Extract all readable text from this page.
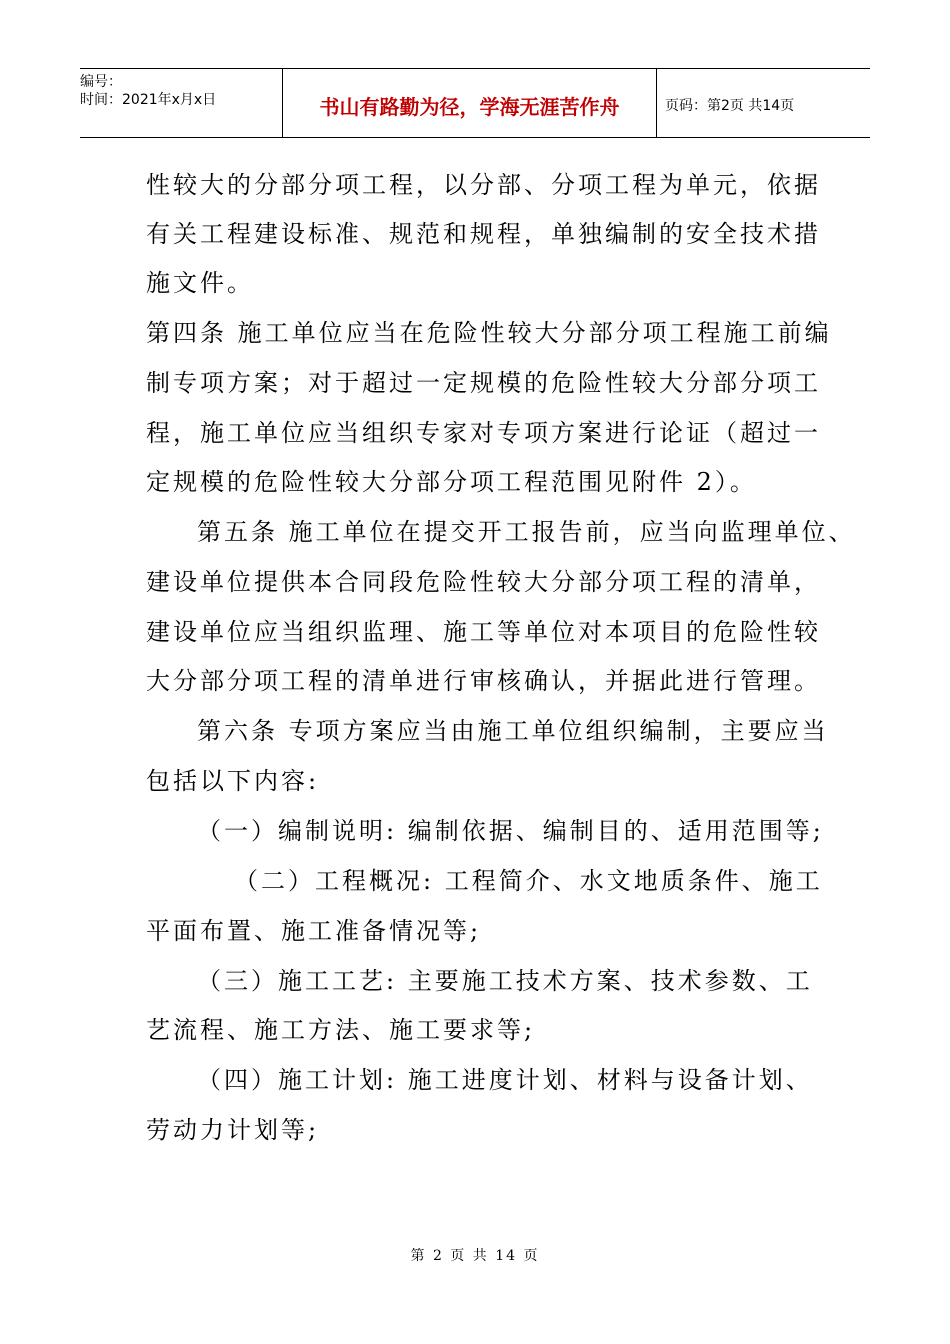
编号：
时间：2021年x月x日	书山有路勤为径，学海无涯苦作舟	页码：第2页 共14页
性较大的分部分项工程，以分部、分项工程为单元，依据
有关工程建设标准、规范和规程，单独编制的安全技术措
施文件。
第四条 施工单位应当在危险性较大分部分项工程施工前编
制专项方案；对于超过一定规模的危险性较大分部分项工
程，施工单位应当组织专家对专项方案进行论证（超过一
定规模的危险性较大分部分项工程范围见附件 2）。
第五条 施工单位在提交开工报告前，应当向监理单位、
建设单位提供本合同段危险性较大分部分项工程的清单，
建设单位应当组织监理、施工等单位对本项目的危险性较
大分部分项工程的清单进行审核确认，并据此进行管理。
第六条 专项方案应当由施工单位组织编制，主要应当
包括以下内容:
（一）编制说明: 编制依据、编制目的、适用范围等;
（二）工程概况: 工程简介、水文地质条件、施工
平面布置、施工准备情况等;
（三）施工工艺: 主要施工技术方案、技术参数、工
艺流程、施工方法、施工要求等;
（四）施工计划: 施工进度计划、材料与设备计划、
劳动力计划等;
第 2 页 共 14 页
